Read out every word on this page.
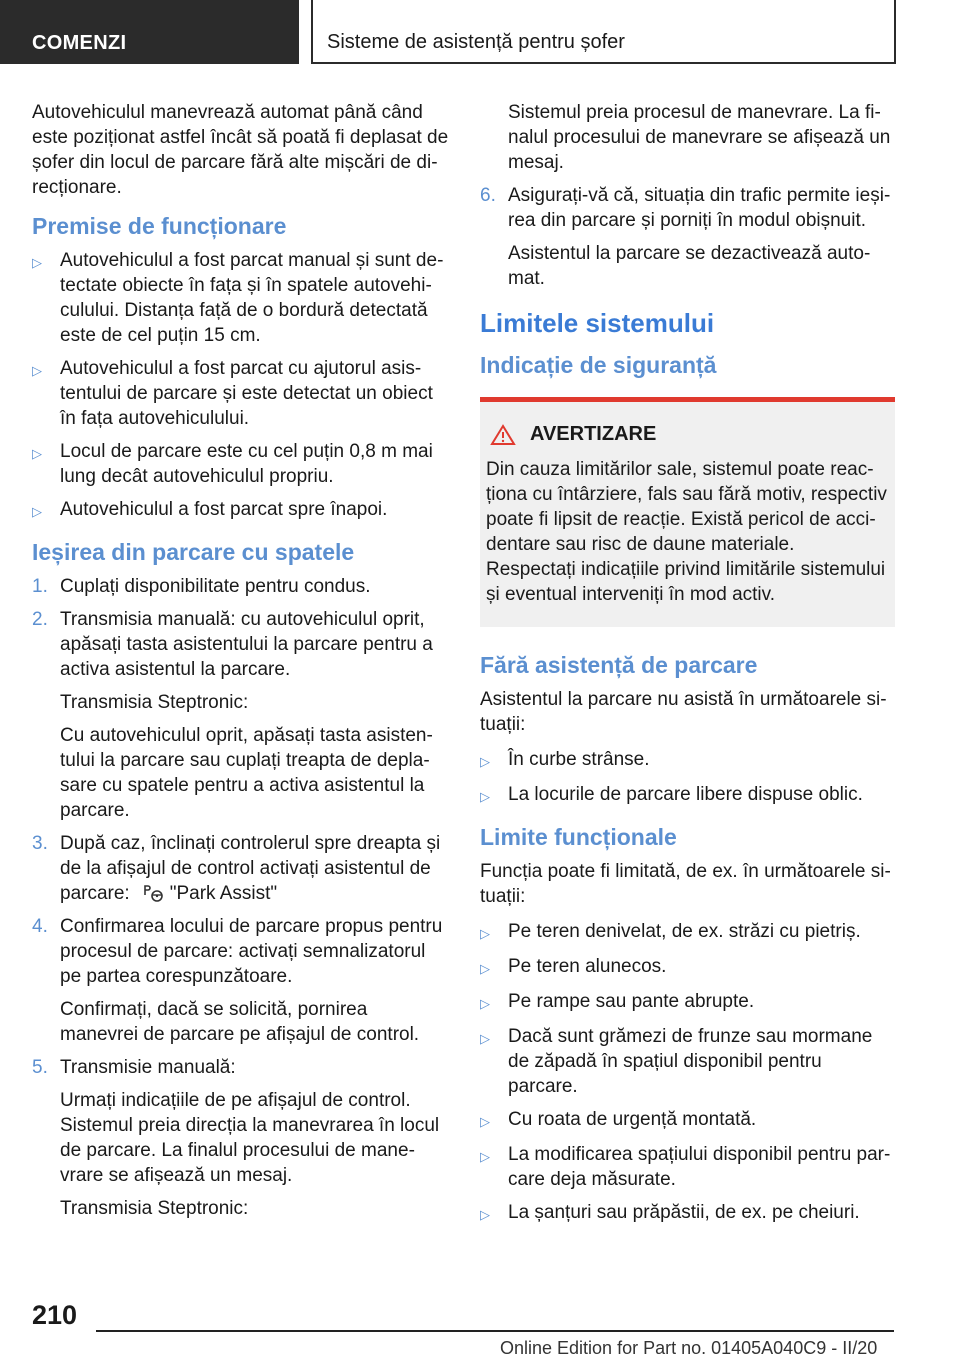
COMENZI	Sisteme de asistență pentru șofer

Autovehiculul manevrează automat până când este poziționat astfel încât să poată fi deplasat de șofer din locul de parcare fără alte mișcări de direcționare.

Premise de funcționare
▷ Autovehiculul a fost parcat manual și sunt detectate obiecte în fața și în spatele autovehiculului. Distanța față de o bordură detectată este de cel puțin 15 cm.
▷ Autovehiculul a fost parcat cu ajutorul asistentului de parcare și este detectat un obiect în fața autovehiculului.
▷ Locul de parcare este cu cel puțin 0,8 m mai lung decât autovehiculul propriu.
▷ Autovehiculul a fost parcat spre înapoi.
Ieșirea din parcare cu spatele
1. Cuplați disponibilitate pentru condus.
2. Transmisia manuală: cu autovehiculul oprit, apăsați tasta asistentului la parcare pentru a activa asistentul la parcare.

Transmisia Steptronic:

Cu autovehiculul oprit, apăsați tasta asistentului la parcare sau cuplați treapta de deplasare cu spatele pentru a activa asistentul la parcare.

3. După caz, înclinați controlerul spre dreapta și de la afișajul de control activați asistentul de parcare: "Park Assist"
4. Confirmarea locului de parcare propus pentru procesul de parcare: activați semnalizatorul pe partea corespunzătoare.

Confirmați, dacă se solicită, pornirea manevrei de parcare pe afișajul de control.

5. Transmisie manuală:

Urmați indicațiile de pe afișajul de control. Sistemul preia direcția la manevrarea în locul de parcare. La finalul procesului de manevrare se afișează un mesaj.

Transmisia Steptronic:

Sistemul preia procesul de manevrare. La finalul procesului de manevrare se afișează un mesaj.

6. Asigurați-vă că, situația din trafic permite ieșirea din parcare și porniți în modul obișnuit.

Asistentul la parcare se dezactivează automat.

Limitele sistemului
Indicație de siguranță
AVERTIZARE

Din cauza limitărilor sale, sistemul poate reacționa cu întârziere, fals sau fără motiv, respectiv poate fi lipsit de reacție. Există pericol de accidentare sau risc de daune materiale. Respectați indicațiile privind limitările sistemului și eventual interveniți în mod activ.

Fără asistență de parcare

Asistentul la parcare nu asistă în următoarele situații:

▷ În curbe strânse.
▷ La locurile de parcare libere dispuse oblic.
Limite funcționale

Funcția poate fi limitată, de ex. în următoarele situații:

▷ Pe teren denivelat, de ex. străzi cu pietriș.
▷ Pe teren alunecos.
▷ Pe rampe sau pante abrupte.
▷ Dacă sunt grămezi de frunze sau mormane de zăpadă în spațiul disponibil pentru parcare.
▷ Cu roata de urgență montată.
▷ La modificarea spațiului disponibil pentru parcare deja măsurate.
▷ La șanțuri sau prăpăstii, de ex. pe cheiuri.
210
Online Edition for Part no. 01405A040C9 - II/20
